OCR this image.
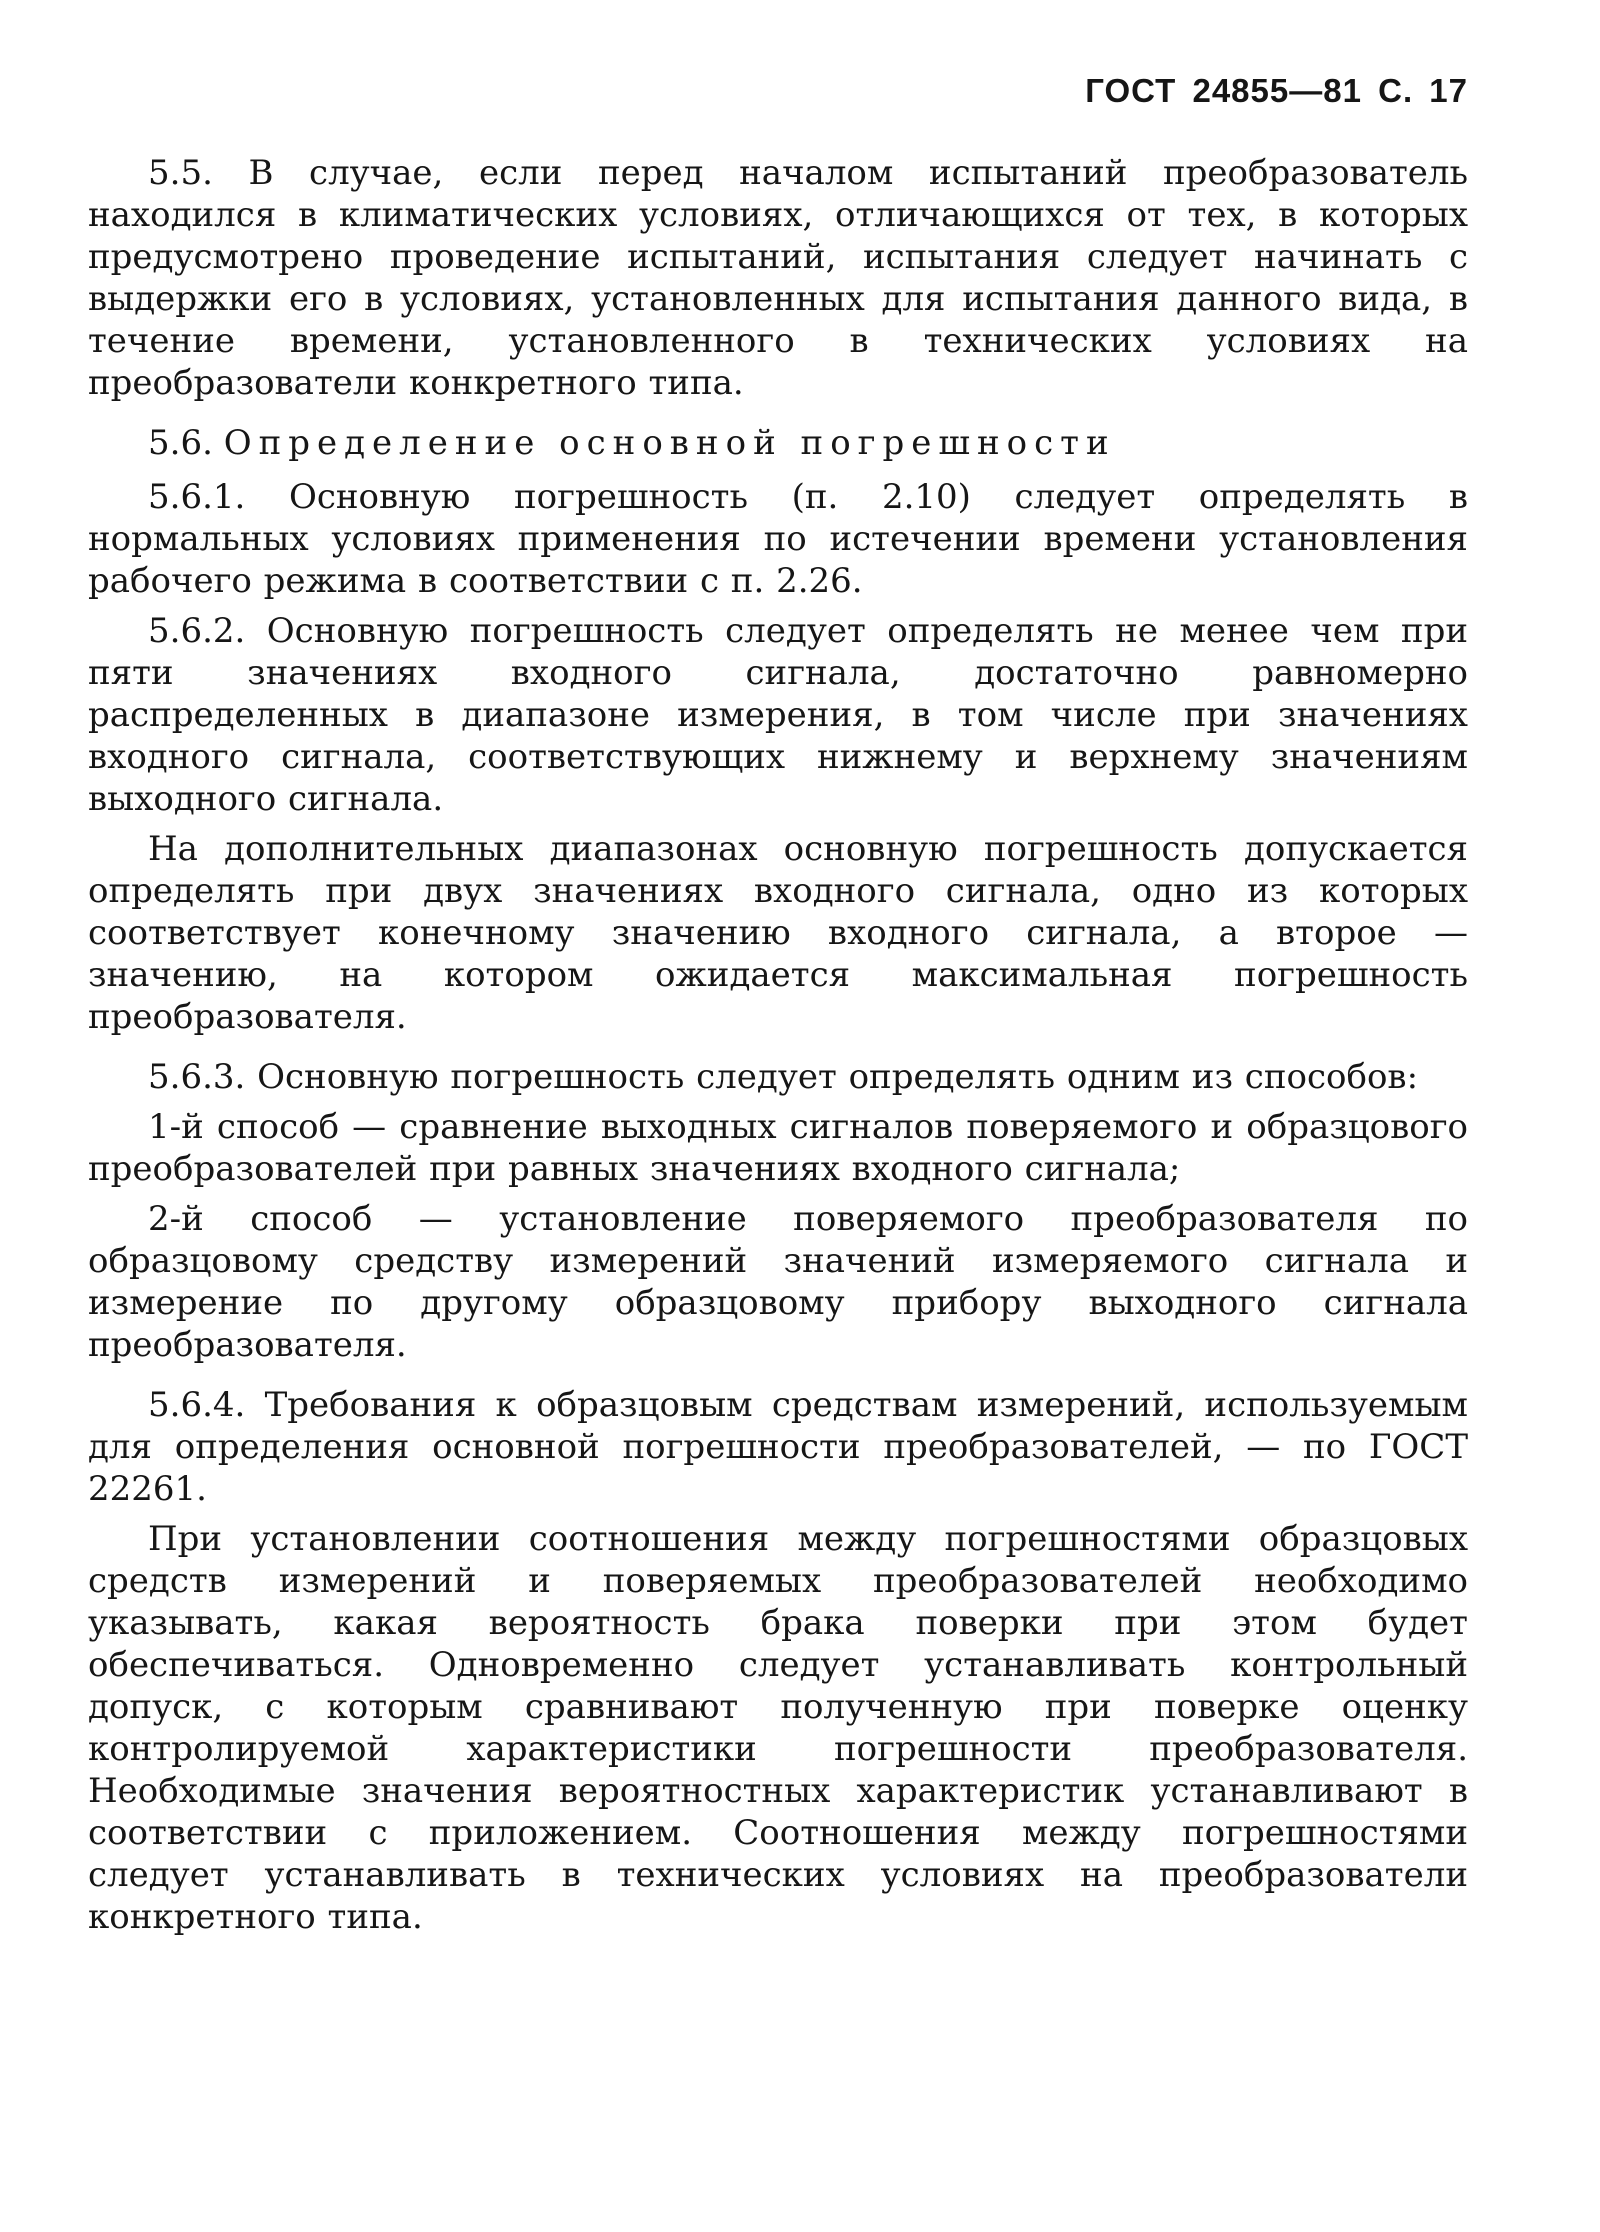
ГОСТ 24855—81 С. 17

5.5. В случае, если перед началом испытаний преобразователь находился в климатических условиях, отличающихся от тех, в которых предусмотрено проведение испытаний, испытания следует начинать с выдержки его в условиях, установленных для испытания данного вида, в течение времени, установленного в технических условиях на преобразователи конкретного типа.

5.6. Определение основной погрешности

5.6.1. Основную погрешность (п. 2.10) следует определять в нормальных условиях применения по истечении времени установления рабочего режима в соответствии с п. 2.26.

5.6.2. Основную погрешность следует определять не менее чем при пяти значениях входного сигнала, достаточно равномерно распределенных в диапазоне измерения, в том числе при значениях входного сигнала, соответствующих нижнему и верхнему значениям выходного сигнала.

На дополнительных диапазонах основную погрешность допускается определять при двух значениях входного сигнала, одно из которых соответствует конечному значению входного сигнала, а второе — значению, на котором ожидается максимальная погрешность преобразователя.

5.6.3. Основную погрешность следует определять одним из способов:

1-й способ — сравнение выходных сигналов поверяемого и образцового преобразователей при равных значениях входного сигнала;

2-й способ — установление поверяемого преобразователя по образцовому средству измерений значений измеряемого сигнала и измерение по другому образцовому прибору выходного сигнала преобразователя.

5.6.4. Требования к образцовым средствам измерений, используемым для определения основной погрешности преобразователей, — по ГОСТ 22261.

При установлении соотношения между погрешностями образцовых средств измерений и поверяемых преобразователей необходимо указывать, какая вероятность брака поверки при этом будет обеспечиваться. Одновременно следует устанавливать контрольный допуск, с которым сравнивают полученную при поверке оценку контролируемой характеристики погрешности преобразователя. Необходимые значения вероятностных характеристик устанавливают в соответствии с приложением. Соотношения между погрешностями следует устанавливать в технических условиях на преобразователи конкретного типа.
